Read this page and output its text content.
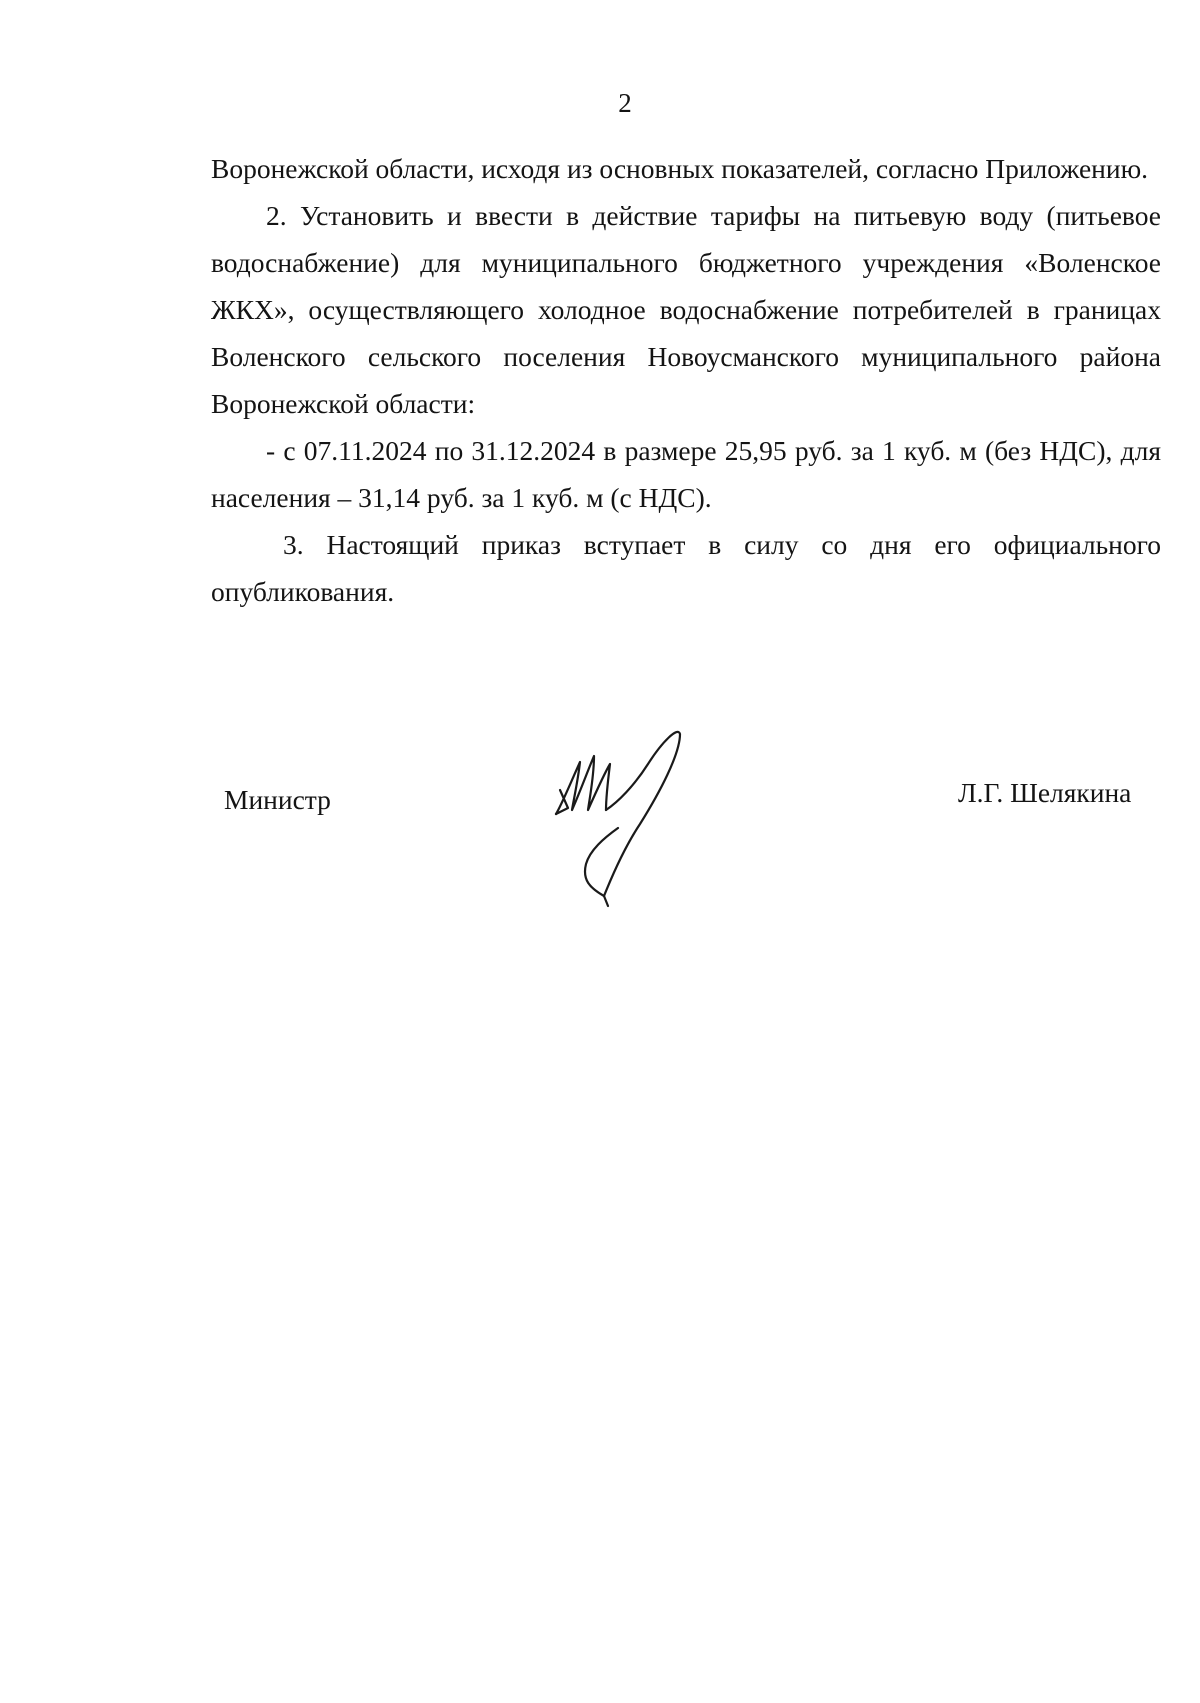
2

Воронежской области, исходя из основных показателей, согласно Приложению.

2. Установить и ввести в действие тарифы на питьевую воду (питьевое водоснабжение) для муниципального бюджетного учреждения «Воленское ЖКХ», осуществляющего холодное водоснабжение потребителей в границах Воленского сельского поселения Новоусманского муниципального района Воронежской области:

- с 07.11.2024 по 31.12.2024 в размере 25,95 руб. за 1 куб. м (без НДС), для населения – 31,14 руб. за 1 куб. м (с НДС).

3. Настоящий приказ вступает в силу со дня его официального опубликования.

Министр	Л.Г. Шелякина
